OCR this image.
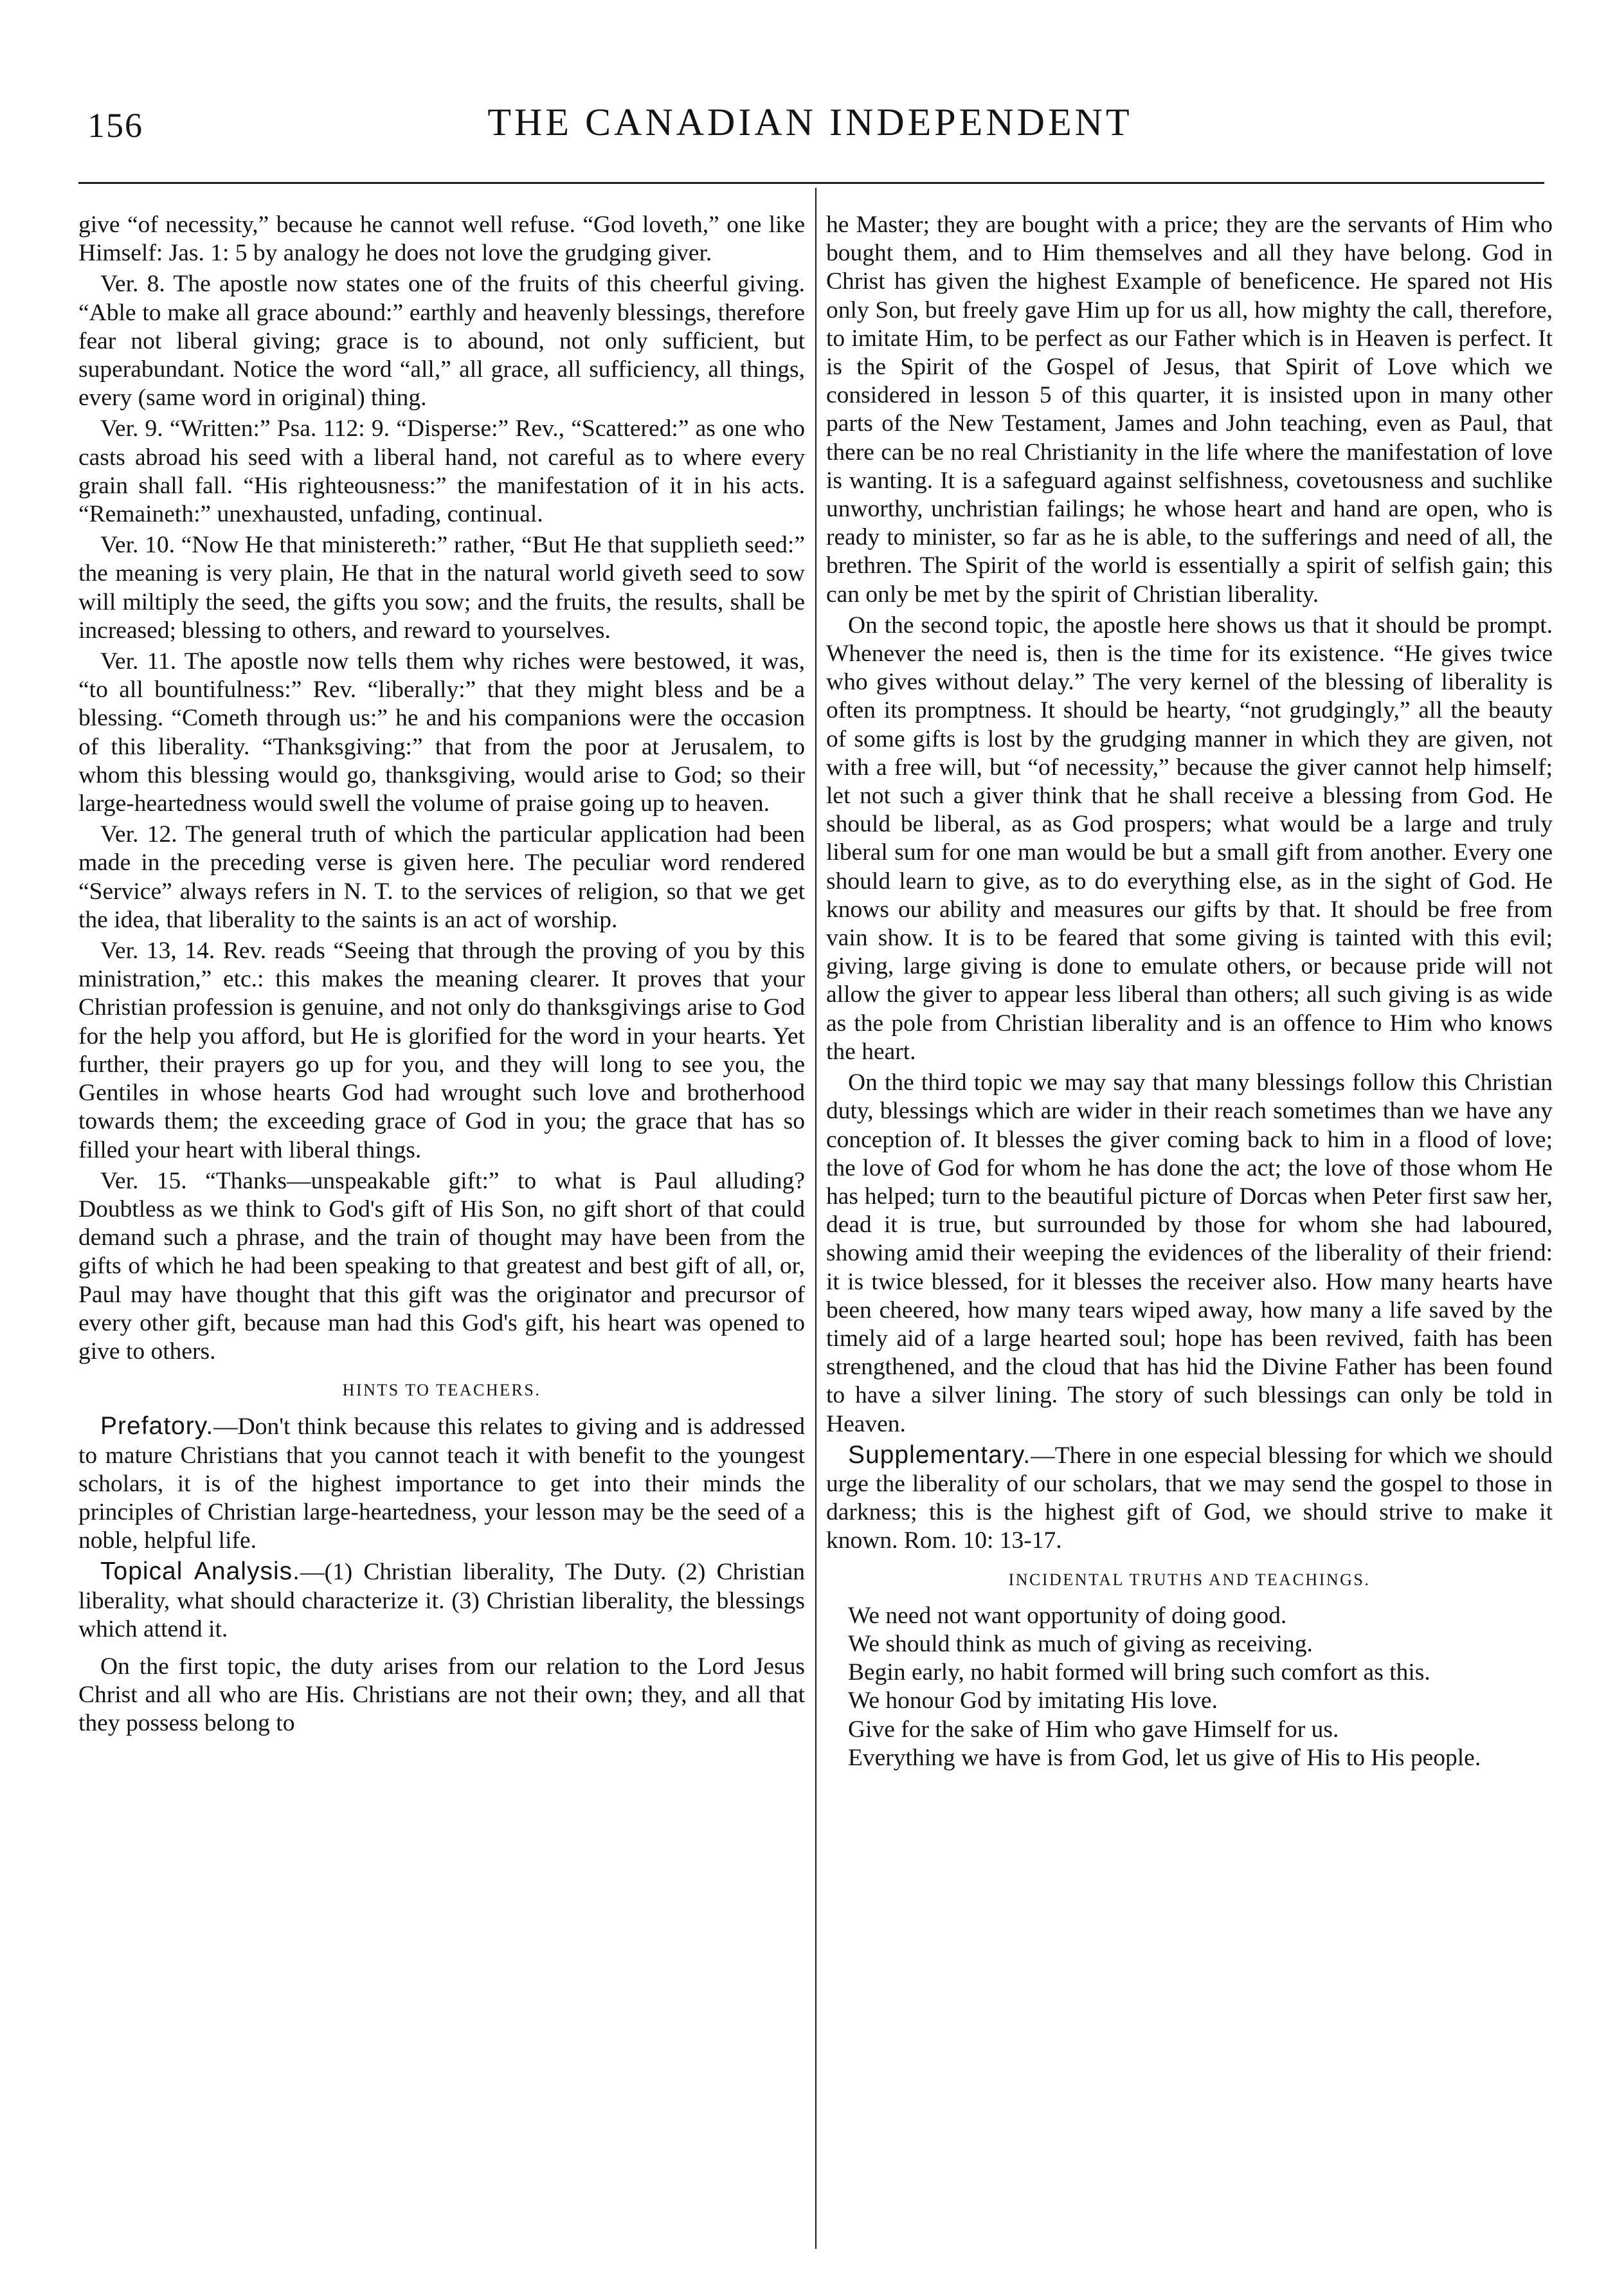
156	THE CANADIAN INDEPENDENT

give “of necessity,” because he cannot well refuse. “God loveth,” one like Himself: Jas. 1: 5 by analogy he does not love the grudging giver.

Ver. 8. The apostle now states one of the fruits of this cheerful giving. “Able to make all grace abound:” earthly and heavenly blessings, therefore fear not liberal giving; grace is to abound, not only sufficient, but superabundant. Notice the word “all,” all grace, all sufficiency, all things, every (same word in original) thing.

Ver. 9. “Written:” Psa. 112: 9. “Disperse:” Rev., “Scattered:” as one who casts abroad his seed with a liberal hand, not careful as to where every grain shall fall. “His righteousness:” the manifestation of it in his acts. “Remaineth:” unexhausted, unfading, continual.

Ver. 10. “Now He that ministereth:” rather, “But He that supplieth seed:” the meaning is very plain, He that in the natural world giveth seed to sow will miltiply the seed, the gifts you sow; and the fruits, the results, shall be increased; blessing to others, and reward to yourselves.

Ver. 11. The apostle now tells them why riches were bestowed, it was, “to all bountifulness:” Rev. “liberally:” that they might bless and be a blessing. “Cometh through us:” he and his companions were the occasion of this liberality. “Thanksgiving:” that from the poor at Jerusalem, to whom this blessing would go, thanksgiving, would arise to God; so their large-heartedness would swell the volume of praise going up to heaven.

Ver. 12. The general truth of which the particular application had been made in the preceding verse is given here. The peculiar word rendered “Service” always refers in N. T. to the services of religion, so that we get the idea, that liberality to the saints is an act of worship.

Ver. 13, 14. Rev. reads “Seeing that through the proving of you by this ministration,” etc.: this makes the meaning clearer. It proves that your Christian profession is genuine, and not only do thanksgivings arise to God for the help you afford, but He is glorified for the word in your hearts. Yet further, their prayers go up for you, and they will long to see you, the Gentiles in whose hearts God had wrought such love and brotherhood towards them; the exceeding grace of God in you; the grace that has so filled your heart with liberal things.

Ver. 15. “Thanks—unspeakable gift:” to what is Paul alluding? Doubtless as we think to God's gift of His Son, no gift short of that could demand such a phrase, and the train of thought may have been from the gifts of which he had been speaking to that greatest and best gift of all, or, Paul may have thought that this gift was the originator and precursor of every other gift, because man had this God's gift, his heart was opened to give to others.

HINTS TO TEACHERS.

Prefatory.—Don't think because this relates to giving and is addressed to mature Christians that you cannot teach it with benefit to the youngest scholars, it is of the highest importance to get into their minds the principles of Christian large-heartedness, your lesson may be the seed of a noble, helpful life.

Topical Analysis.—(1) Christian liberality, The Duty. (2) Christian liberality, what should characterize it. (3) Christian liberality, the blessings which attend it.

On the first topic, the duty arises from our relation to the Lord Jesus Christ and all who are His. Christians are not their own; they, and all that they possess belong to

he Master; they are bought with a price; they are the servants of Him who bought them, and to Him themselves and all they have belong. God in Christ has given the highest Example of beneficence. He spared not His only Son, but freely gave Him up for us all, how mighty the call, therefore, to imitate Him, to be perfect as our Father which is in Heaven is perfect. It is the Spirit of the Gospel of Jesus, that Spirit of Love which we considered in lesson 5 of this quarter, it is insisted upon in many other parts of the New Testament, James and John teaching, even as Paul, that there can be no real Christianity in the life where the manifestation of love is wanting. It is a safeguard against selfishness, covetousness and suchlike unworthy, unchristian failings; he whose heart and hand are open, who is ready to minister, so far as he is able, to the sufferings and need of all, the brethren. The Spirit of the world is essentially a spirit of selfish gain; this can only be met by the spirit of Christian liberality.

On the second topic, the apostle here shows us that it should be prompt. Whenever the need is, then is the time for its existence. “He gives twice who gives without delay.” The very kernel of the blessing of liberality is often its promptness. It should be hearty, “not grudgingly,” all the beauty of some gifts is lost by the grudging manner in which they are given, not with a free will, but “of necessity,” because the giver cannot help himself; let not such a giver think that he shall receive a blessing from God. He should be liberal, as as God prospers; what would be a large and truly liberal sum for one man would be but a small gift from another. Every one should learn to give, as to do everything else, as in the sight of God. He knows our ability and measures our gifts by that. It should be free from vain show. It is to be feared that some giving is tainted with this evil; giving, large giving is done to emulate others, or because pride will not allow the giver to appear less liberal than others; all such giving is as wide as the pole from Christian liberality and is an offence to Him who knows the heart.

On the third topic we may say that many blessings follow this Christian duty, blessings which are wider in their reach sometimes than we have any conception of. It blesses the giver coming back to him in a flood of love; the love of God for whom he has done the act; the love of those whom He has helped; turn to the beautiful picture of Dorcas when Peter first saw her, dead it is true, but surrounded by those for whom she had laboured, showing amid their weeping the evidences of the liberality of their friend: it is twice blessed, for it blesses the receiver also. How many hearts have been cheered, how many tears wiped away, how many a life saved by the timely aid of a large hearted soul; hope has been revived, faith has been strengthened, and the cloud that has hid the Divine Father has been found to have a silver lining. The story of such blessings can only be told in Heaven.

Supplementary.—There in one especial blessing for which we should urge the liberality of our scholars, that we may send the gospel to those in darkness; this is the highest gift of God, we should strive to make it known. Rom. 10: 13-17.

INCIDENTAL TRUTHS AND TEACHINGS.
We need not want opportunity of doing good.
We should think as much of giving as receiving.
Begin early, no habit formed will bring such comfort as this.
We honour God by imitating His love.
Give for the sake of Him who gave Himself for us.
Everything we have is from God, let us give of His to His people.
